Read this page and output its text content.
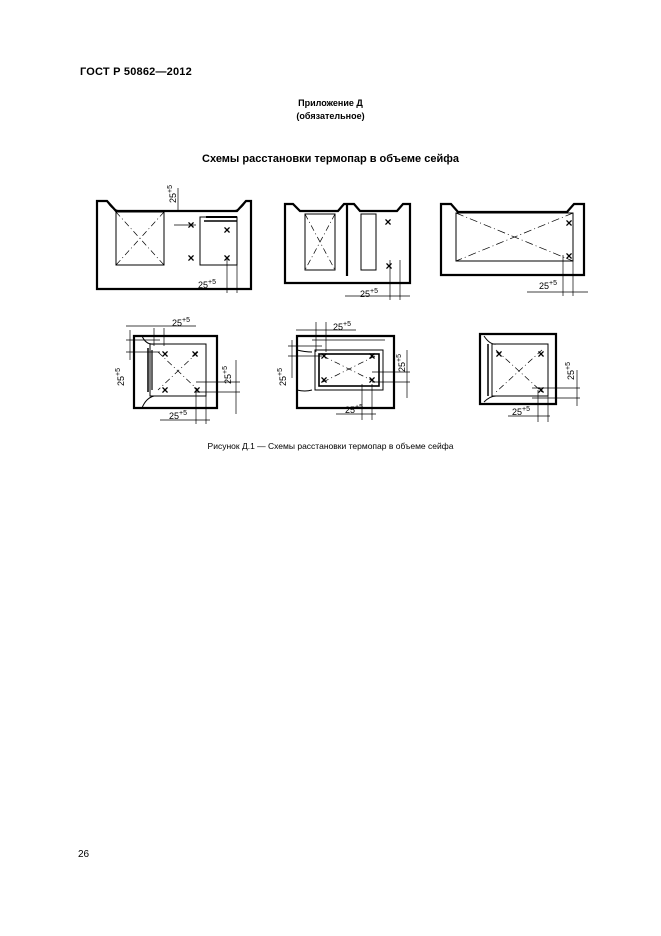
ГОСТ Р 50862—2012
Приложение Д
(обязательное)
Схемы расстановки термопар в объеме сейфа
× ×
× ×
×
×
×
×
× ×
× ×
×	×
×	×
×	×
×
$25^{+5}$
$25^{+5}$
$25^{+5}$
$25^{+5}$
$25^{+5}$
$25^{+5}$
$25^{+5}$	$25^{+5}$
$25^{+5}$
$25^{+5}$
$25^{+5}$
$25^{+5}$	$25^{+5}$
$25^{+5}$
Рисунок Д.1 — Схемы расстановки термопар в объеме сейфа
26
